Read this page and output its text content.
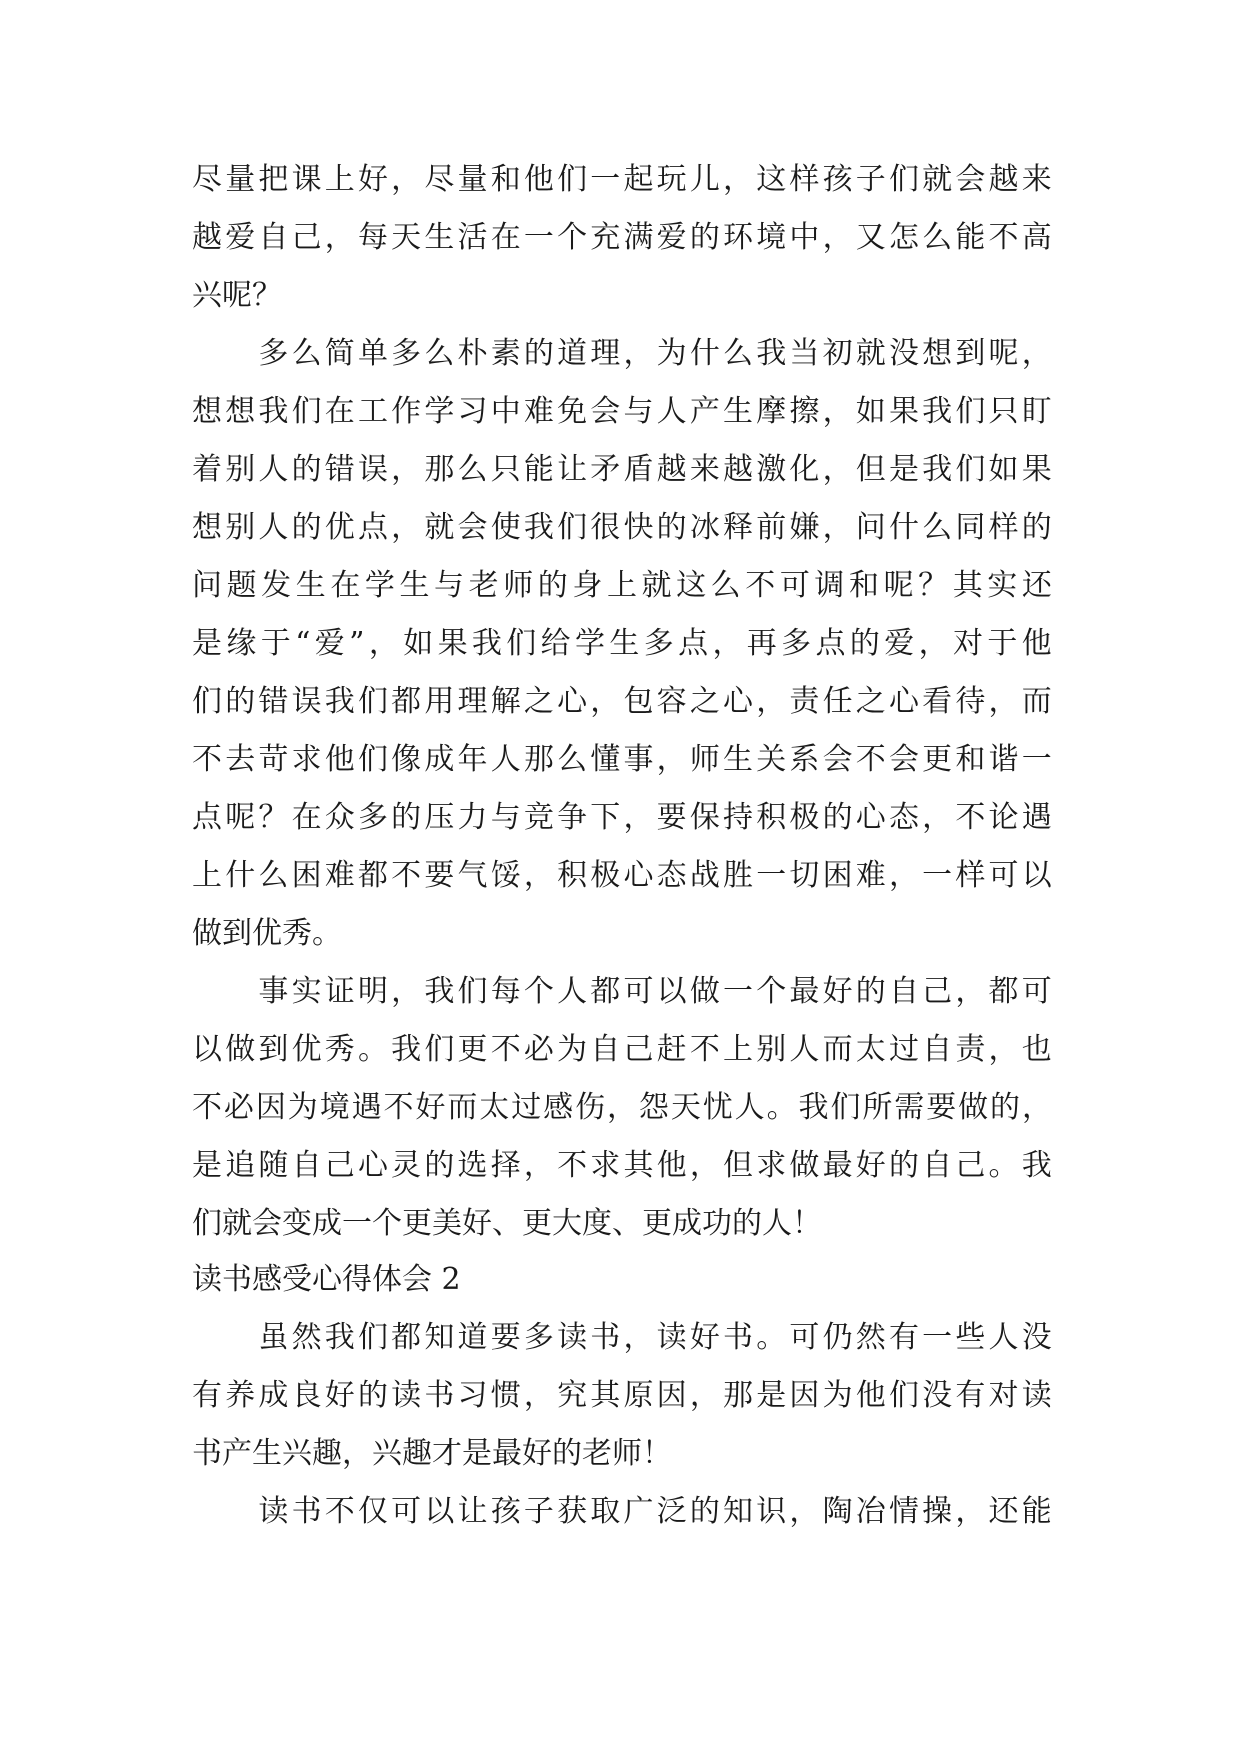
尽 量 把 课 上 好 ， 尽 量 和 他 们 一 起 玩 儿 ， 这 样 孩 子 们 就 会 越 来
越 爱 自 己 ， 每 天 生 活 在 一 个 充 满 爱 的 环 境 中 ， 又 怎 么 能 不 高
兴呢？

多 么 简 单 多 么 朴 素 的 道 理 ， 为 什 么 我 当 初 就 没 想 到 呢 ，
想 想 我 们 在 工 作 学 习 中 难 免 会 与 人 产 生 摩 擦 ， 如 果 我 们 只 盯
着 别 人 的 错 误 ， 那 么 只 能 让 矛 盾 越 来 越 激 化 ， 但 是 我 们 如 果
想 别 人 的 优 点 ， 就 会 使 我 们 很 快 的 冰 释 前 嫌 ， 问 什 么 同 样 的
问 题 发 生 在 学 生 与 老 师 的 身 上 就 这 么 不 可 调 和 呢 ？ 其 实 还
是 缘 于 “ 爱 ” ， 如 果 我 们 给 学 生 多 点 ， 再 多 点 的 爱 ， 对 于 他
们 的 错 误 我 们 都 用 理 解 之 心 ， 包 容 之 心 ， 责 任 之 心 看 待 ， 而
不 去 苛 求 他 们 像 成 年 人 那 么 懂 事 ， 师 生 关 系 会 不 会 更 和 谐 一
点 呢 ？ 在 众 多 的 压 力 与 竞 争 下 ， 要 保 持 积 极 的 心 态 ， 不 论 遇
上 什 么 困 难 都 不 要 气 馁 ， 积 极 心 态 战 胜 一 切 困 难 ， 一 样 可 以
做到优秀。

事 实 证 明 ， 我 们 每 个 人 都 可 以 做 一 个 最 好 的 自 己 ， 都 可
以 做 到 优 秀 。 我 们 更 不 必 为 自 己 赶 不 上 别 人 而 太 过 自 责 ， 也
不 必 因 为 境 遇 不 好 而 太 过 感 伤 ， 怨 天 忧 人 。 我 们 所 需 要 做 的 ，
是 追 随 自 己 心 灵 的 选 择 ， 不 求 其 他 ， 但 求 做 最 好 的 自 己 。 我
们就会变成一个更美好、更大度、更成功的人！
读书感受心得体会 2

虽 然 我 们 都 知 道 要 多 读 书 ， 读 好 书 。 可 仍 然 有 一 些 人 没
有 养 成 良 好 的 读 书 习 惯 ， 究 其 原 因 ， 那 是 因 为 他 们 没 有 对 读
书产生兴趣，兴趣才是最好的老师！

读 书 不 仅 可 以 让 孩 子 获 取 广 泛 的 知 识 ， 陶 冶 情 操 ， 还 能
